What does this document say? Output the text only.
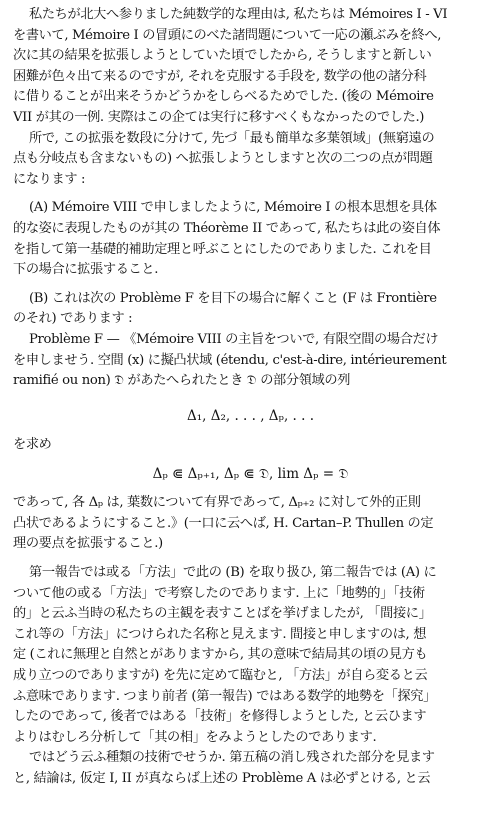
私たちが北大へ参りました純数学的な理由は, 私たちは Mémoires I - VI
を書いて, Mémoire I の冒頭にのべた諸問題について一応の瀬ぶみを終へ,
次に其の結果を拡張しようとしていた頃でしたから, そうしますと新しい
困難が色々出て来るのですが, それを克服する手段を, 数学の他の諸分科
に借りることが出来そうかどうかをしらべるためでした. (後の Mémoire
VII が其の一例. 実際はこの企ては実行に移すべくもなかったのでした.)
所で, この拡張を数段に分けて, 先づ「最も簡単な多葉領域」(無窮遠の
点も分岐点も含まないもの) へ拡張しようとしますと次の二つの点が問題
になります :
(A) Mémoire VIII で申しましたように, Mémoire I の根本思想を具体
的な姿に表現したものが其の Théorème II であって, 私たちは此の姿自体
を指して第一基礎的補助定理と呼ぶことにしたのでありました. これを目
下の場合に拡張すること.
(B) これは次の Problème F を目下の場合に解くこと (F は Frontière
のそれ) であります :
Problème F — 《Mémoire VIII の主旨をついで, 有限空間の場合だけ
を申しませう. 空間 (x) に擬凸状域 (étendu, c'est-à-dire, intérieurement
ramifié ou non) 𝔇 があたへられたとき 𝔇 の部分領域の列
Δ₁, Δ₂, . . . , Δₚ, . . .
を求め
Δₚ ⋐ Δₚ₊₁, Δₚ ⋐ 𝔇, lim Δₚ = 𝔇
であって, 各 Δₚ は, 葉数について有界であって, Δₚ₊₂ に対して外的正則
凸状であるようにすること.》(一口に云へば, H. Cartan–P. Thullen の定
理の要点を拡張すること.)
第一報告では或る「方法」で此の (B) を取り扱ひ, 第二報告では (A) に
ついて他の或る「方法」で考察したのであります. 上に「地勢的」「技術
的」と云ふ当時の私たちの主観を表すことばを挙げましたが, 「間接に」
これ等の「方法」につけられた名称と見えます. 間接と申しますのは, 想
定 (これに無理と自然とがありますから, 其の意味で結局其の頃の見方も
成り立つのでありますが) を先に定めて臨むと, 「方法」が自ら変ると云
ふ意味であります. つまり前者 (第一報告) ではある数学的地勢を「探究」
したのであって, 後者ではある「技術」を修得しようとした, と云ひます
よりはむしろ分析して「其の相」をみようとしたのであります.
ではどう云ふ種類の技術でせうか. 第五稿の消し残された部分を見ます
と, 結論は, 仮定 I, II が真ならば上述の Problème A は必ずとける, と云
